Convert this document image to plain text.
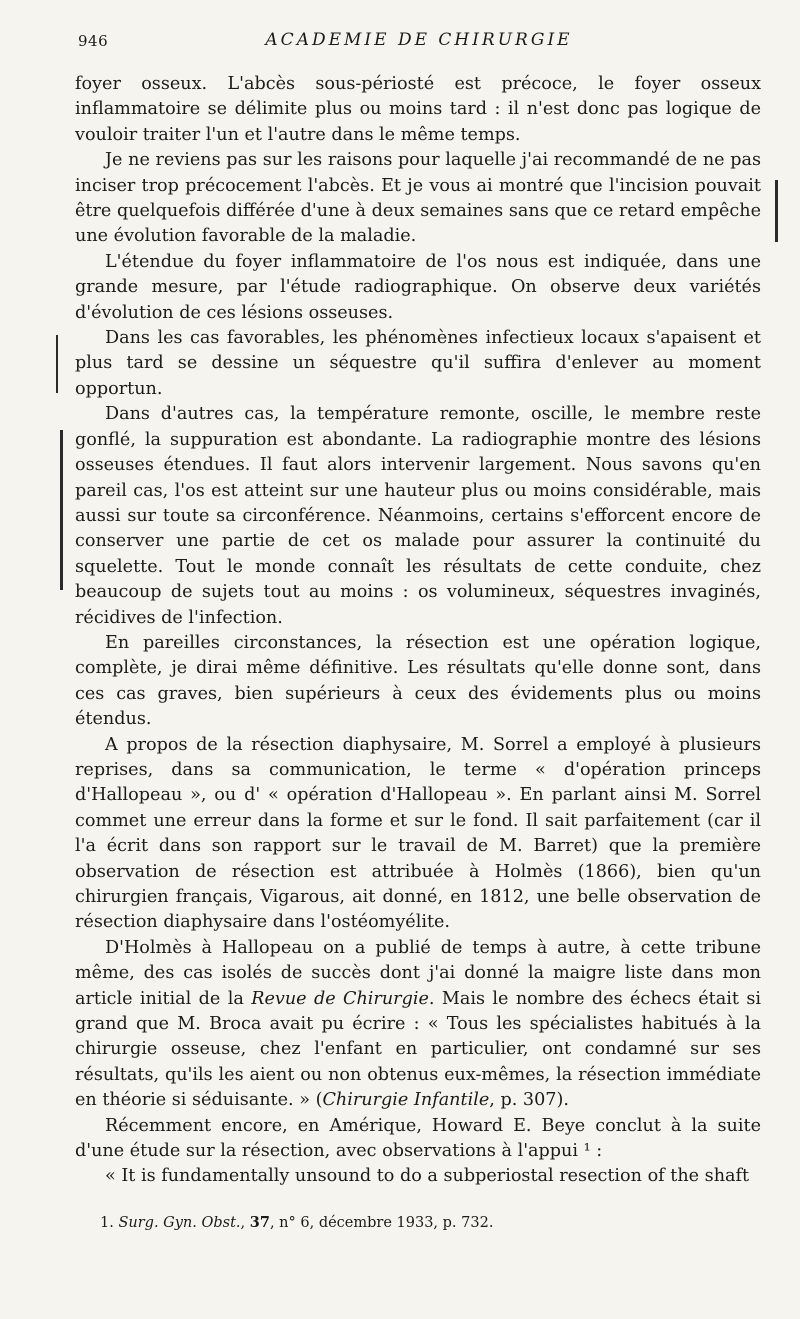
946	ACADEMIE DE CHIRURGIE

foyer osseux. L'abcès sous-périosté est précoce, le foyer osseux inflammatoire se délimite plus ou moins tard : il n'est donc pas logique de vouloir traiter l'un et l'autre dans le même temps.

Je ne reviens pas sur les raisons pour laquelle j'ai recommandé de ne pas inciser trop précocement l'abcès. Et je vous ai montré que l'incision pouvait être quelquefois différée d'une à deux semaines sans que ce retard empêche une évolution favorable de la maladie.

L'étendue du foyer inflammatoire de l'os nous est indiquée, dans une grande mesure, par l'étude radiographique. On observe deux variétés d'évolution de ces lésions osseuses.

Dans les cas favorables, les phénomènes infectieux locaux s'apaisent et plus tard se dessine un séquestre qu'il suffira d'enlever au moment opportun.

Dans d'autres cas, la température remonte, oscille, le membre reste gonflé, la suppuration est abondante. La radiographie montre des lésions osseuses étendues. Il faut alors intervenir largement. Nous savons qu'en pareil cas, l'os est atteint sur une hauteur plus ou moins considérable, mais aussi sur toute sa circonférence. Néanmoins, certains s'efforcent encore de conserver une partie de cet os malade pour assurer la continuité du squelette. Tout le monde connaît les résultats de cette conduite, chez beaucoup de sujets tout au moins : os volumineux, séquestres invaginés, récidives de l'infection.

En pareilles circonstances, la résection est une opération logique, complète, je dirai même définitive. Les résultats qu'elle donne sont, dans ces cas graves, bien supérieurs à ceux des évidements plus ou moins étendus.

A propos de la résection diaphysaire, M. Sorrel a employé à plusieurs reprises, dans sa communication, le terme « d'opération princeps d'Hallopeau », ou d' « opération d'Hallopeau ». En parlant ainsi M. Sorrel commet une erreur dans la forme et sur le fond. Il sait parfaitement (car il l'a écrit dans son rapport sur le travail de M. Barret) que la première observation de résection est attribuée à Holmès (1866), bien qu'un chirurgien français, Vigarous, ait donné, en 1812, une belle observation de résection diaphysaire dans l'ostéomyélite.

D'Holmès à Hallopeau on a publié de temps à autre, à cette tribune même, des cas isolés de succès dont j'ai donné la maigre liste dans mon article initial de la Revue de Chirurgie. Mais le nombre des échecs était si grand que M. Broca avait pu écrire : « Tous les spécialistes habitués à la chirurgie osseuse, chez l'enfant en particulier, ont condamné sur ses résultats, qu'ils les aient ou non obtenus eux-mêmes, la résection immédiate en théorie si séduisante. » (Chirurgie Infantile, p. 307).

Récemment encore, en Amérique, Howard E. Beye conclut à la suite d'une étude sur la résection, avec observations à l'appui ¹ :

« It is fundamentally unsound to do a subperiostal resection of the shaft

1. Surg. Gyn. Obst., 37, n° 6, décembre 1933, p. 732.
